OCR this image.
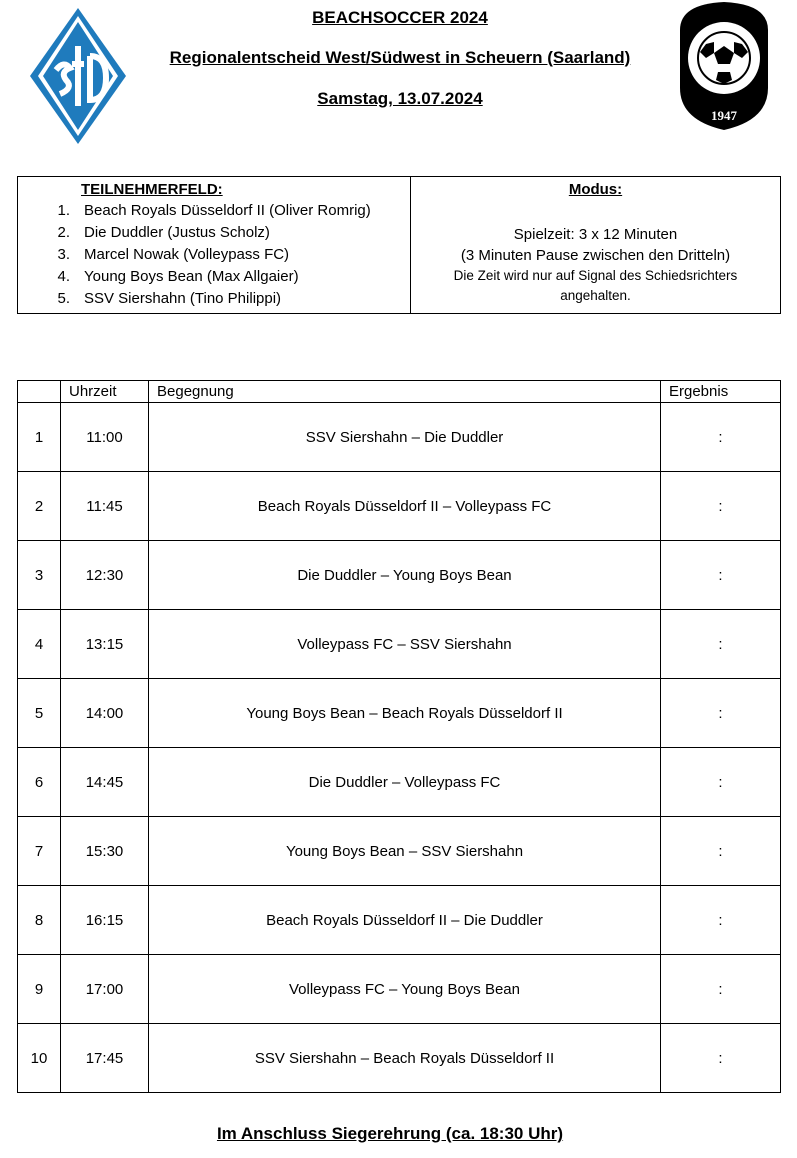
1947
BEACHSOCCER 2024
Regionalentscheid West/Südwest in Scheuern (Saarland)
Samstag, 13.07.2024
TEILNEHMERFELD:
1. Beach Royals Düsseldorf II (Oliver Romrig)
2. Die Duddler (Justus Scholz)
3. Marcel Nowak (Volleypass FC)
4. Young Boys Bean (Max Allgaier)
5. SSV Siershahn (Tino Philippi)
Modus:
Spielzeit: 3 x 12 Minuten
(3 Minuten Pause zwischen den Dritteln)
Die Zeit wird nur auf Signal des Schiedsrichters
angehalten.
	Uhrzeit	Begegnung	Ergebnis
1	11:00	SSV Siershahn – Die Duddler	:
2	11:45	Beach Royals Düsseldorf II – Volleypass FC	:
3	12:30	Die Duddler – Young Boys Bean	:
4	13:15	Volleypass FC – SSV Siershahn	:
5	14:00	Young Boys Bean – Beach Royals Düsseldorf II	:
6	14:45	Die Duddler – Volleypass FC	:
7	15:30	Young Boys Bean – SSV Siershahn	:
8	16:15	Beach Royals Düsseldorf II – Die Duddler	:
9	17:00	Volleypass FC – Young Boys Bean	:
10	17:45	SSV Siershahn – Beach Royals Düsseldorf II	:
Im Anschluss Siegerehrung (ca. 18:30 Uhr)
